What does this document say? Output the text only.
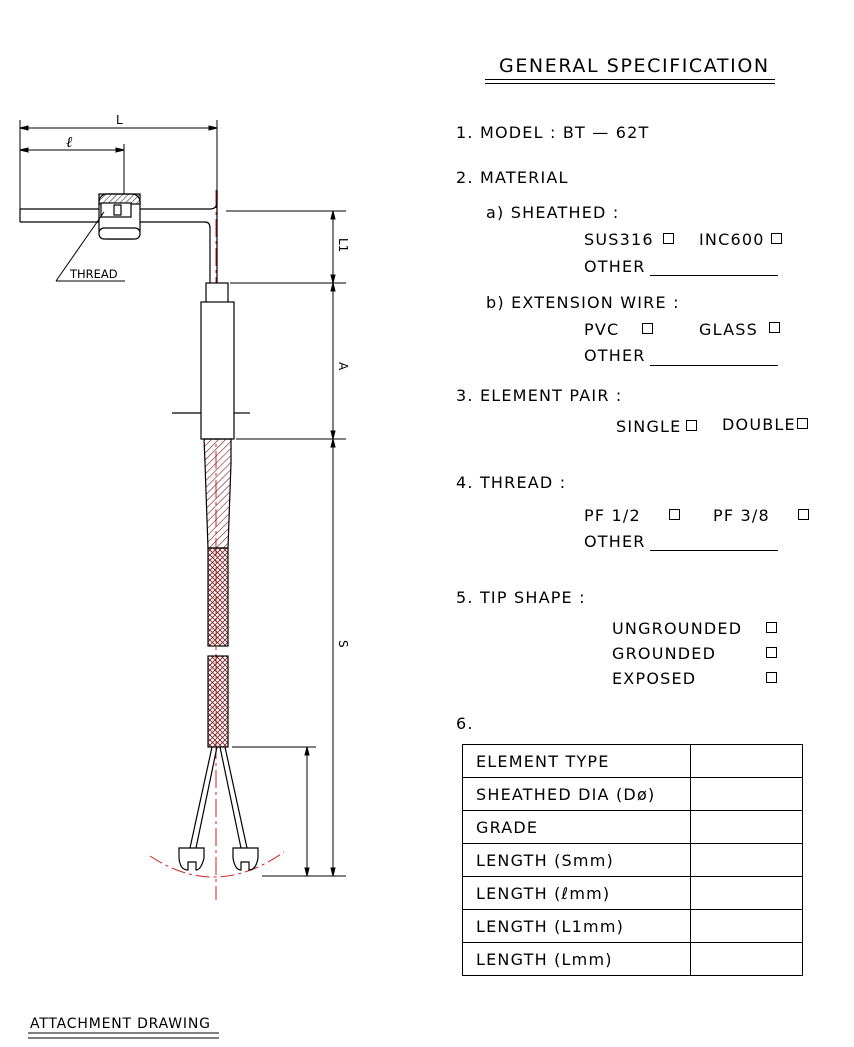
L
ℓ
L1
A
S
THREAD
ATTACHMENT DRAWING
GENERAL SPECIFICATION
1. MODEL : BT — 62T
2. MATERIAL
a) SHEATHED :
SUS316	INC600
OTHER
b) EXTENSION WIRE :
PVC	GLASS
OTHER
3. ELEMENT PAIR :
SINGLE	DOUBLE
4. THREAD :
PF 1/2	PF 3/8
OTHER
5. TIP SHAPE :
UNGROUNDED
GROUNDED
EXPOSED
6.
ELEMENT TYPE	
SHEATHED DIA (Dø)	
GRADE	
LENGTH (Smm)	
LENGTH (ℓmm)	
LENGTH (L1mm)	
LENGTH (Lmm)	
